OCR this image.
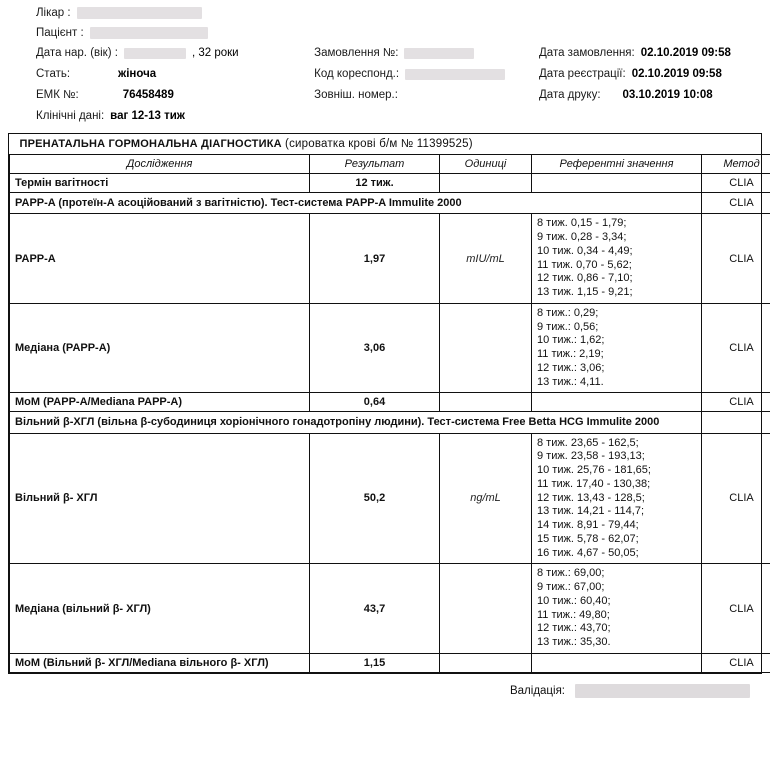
Лікар :
Пацієнт :
Дата нар. (вік) :	, 32 роки
Стать:	жіноча
ЕМК №:	76458489
Замовлення №:
Код кореспонд.:
Зовніш. номер.:
Дата замовлення: 02.10.2019 09:58
Дата реєстрації: 02.10.2019 09:58
Дата друку: 03.10.2019 10:08
Клінічні дані: ваг 12-13 тиж
ПРЕНАТАЛЬНА ГОРМОНАЛЬНА ДІАГНОСТИКА (сироватка крові б/м № 11399525)				
Дослідження	Результат	Одиниці	Референтні значення	Метод
Термін вагітності	12 тиж.			CLIA
PAPP-A (протеїн-А асоційований з вагітністю). Тест-система PAPP-A Immulite 2000				CLIA
PAPP-A	1,97	mIU/mL	8 тиж. 0,15 - 1,79;
9 тиж. 0,28 - 3,34;
10 тиж. 0,34 - 4,49;
11 тиж. 0,70 - 5,62;
12 тиж. 0,86 - 7,10;
13 тиж. 1,15 - 9,21;	CLIA
Медіана (PAPP-A)	3,06		8 тиж.: 0,29;
9 тиж.: 0,56;
10 тиж.: 1,62;
11 тиж.: 2,19;
12 тиж.: 3,06;
13 тиж.: 4,11.	CLIA
МоМ (PAPP-A/Mediana PAPP-A)	0,64			CLIA
Вільний β-ХГЛ (вільна β-субодиниця хоріонічного гонадотропіну людини). Тест-система Free Betta HCG Immulite 2000				
Вільний β- ХГЛ	50,2	ng/mL	8 тиж. 23,65 - 162,5;
9 тиж. 23,58 - 193,13;
10 тиж. 25,76 - 181,65;
11 тиж. 17,40 - 130,38;
12 тиж. 13,43 - 128,5;
13 тиж. 14,21 - 114,7;
14 тиж. 8,91 - 79,44;
15 тиж. 5,78 - 62,07;
16 тиж. 4,67 - 50,05;	CLIA
Медіана (вільний β- ХГЛ)	43,7		8 тиж.: 69,00;
9 тиж.: 67,00;
10 тиж.: 60,40;
11 тиж.: 49,80;
12 тиж.: 43,70;
13 тиж.: 35,30.	CLIA
МоМ (Вільний β- ХГЛ/Mediana вільного β- ХГЛ)	1,15			CLIA
Валідація:
